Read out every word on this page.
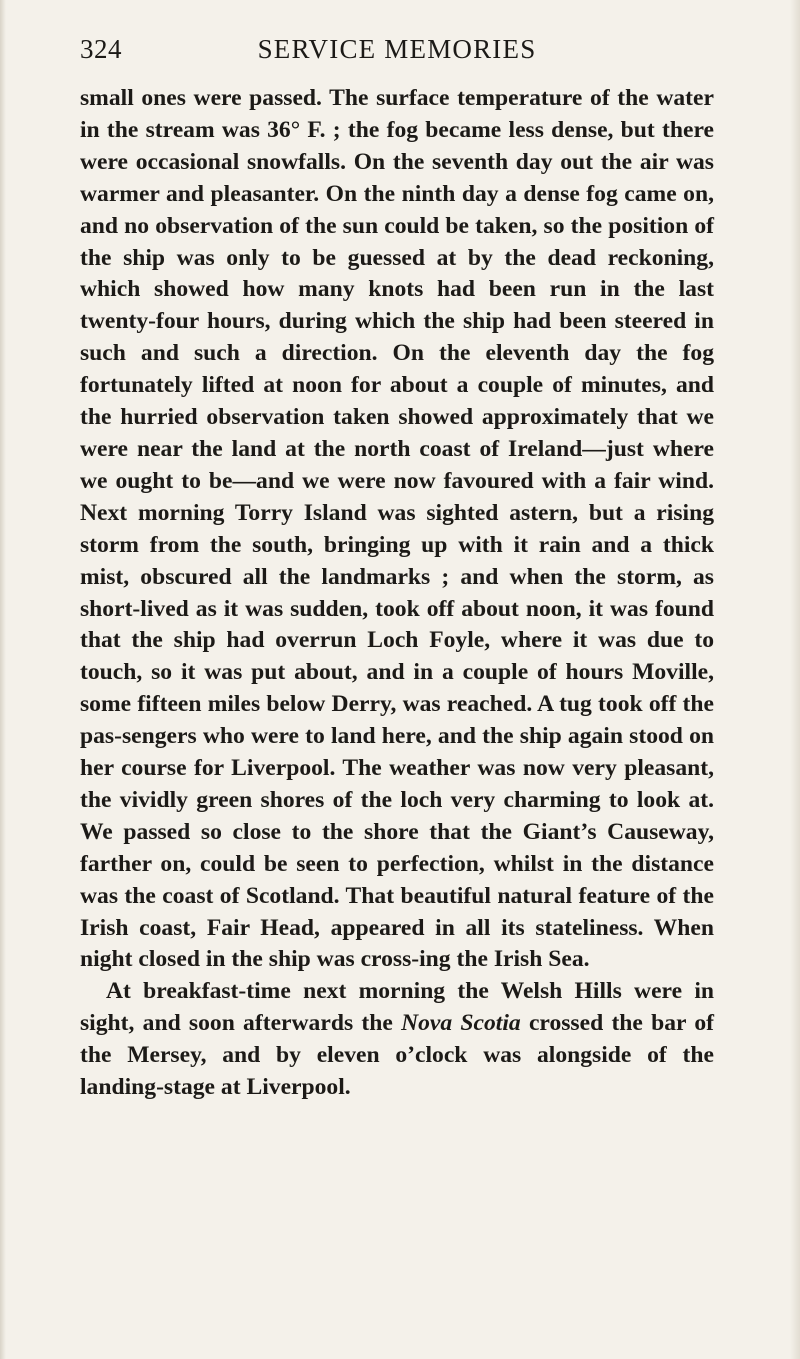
324	SERVICE MEMORIES

small ones were passed. The surface temperature of the water in the stream was 36° F. ; the fog became less dense, but there were occasional snowfalls. On the seventh day out the air was warmer and pleasanter. On the ninth day a dense fog came on, and no observation of the sun could be taken, so the position of the ship was only to be guessed at by the dead reckoning, which showed how many knots had been run in the last twenty-four hours, during which the ship had been steered in such and such a direction. On the eleventh day the fog fortunately lifted at noon for about a couple of minutes, and the hurried observation taken showed approximately that we were near the land at the north coast of Ireland—just where we ought to be—and we were now favoured with a fair wind. Next morning Torry Island was sighted astern, but a rising storm from the south, bringing up with it rain and a thick mist, obscured all the landmarks ; and when the storm, as short-lived as it was sudden, took off about noon, it was found that the ship had overrun Loch Foyle, where it was due to touch, so it was put about, and in a couple of hours Moville, some fifteen miles below Derry, was reached. A tug took off the pas-sengers who were to land here, and the ship again stood on her course for Liverpool. The weather was now very pleasant, the vividly green shores of the loch very charming to look at. We passed so close to the shore that the Giant’s Causeway, farther on, could be seen to perfection, whilst in the distance was the coast of Scotland. That beautiful natural feature of the Irish coast, Fair Head, appeared in all its stateliness. When night closed in the ship was cross-ing the Irish Sea.

At breakfast-time next morning the Welsh Hills were in sight, and soon afterwards the Nova Scotia crossed the bar of the Mersey, and by eleven o’clock was alongside of the landing-stage at Liverpool.
